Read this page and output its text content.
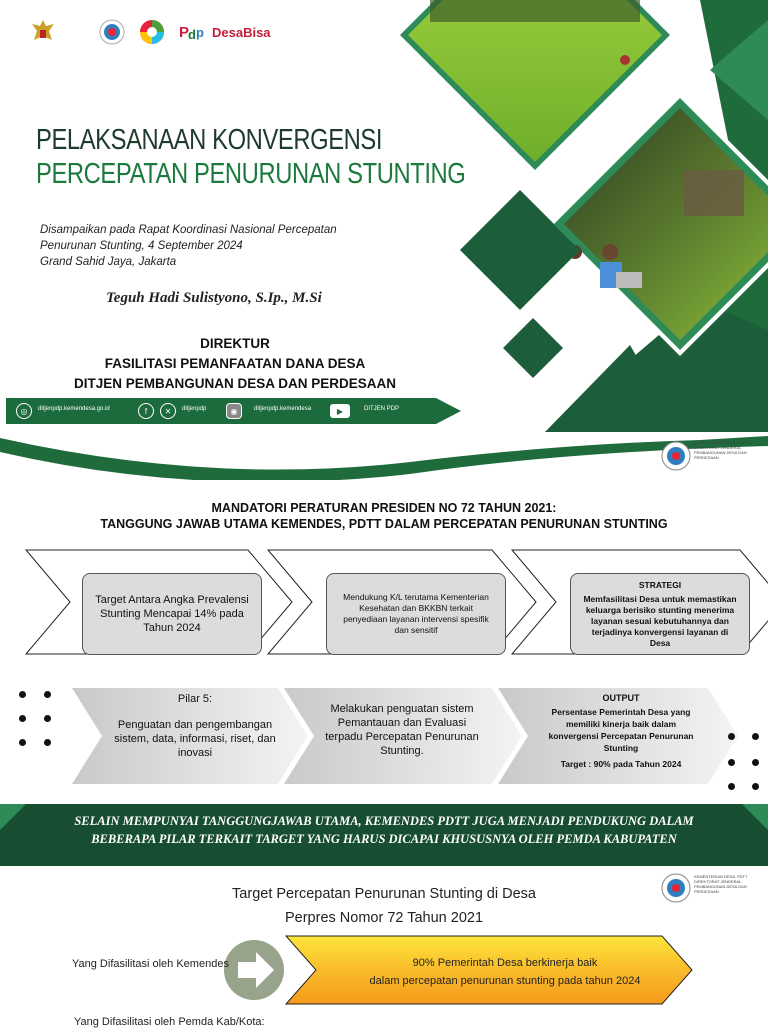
P
d p DesaBisa
PELAKSANAAN KONVERGENSI
PERCEPATAN PENURUNAN STUNTING
Disampaikan pada Rapat Koordinasi Nasional Percepatan
Penurunan Stunting, 4 September 2024
Grand Sahid Jaya, Jakarta
Teguh Hadi Sulistyono, S.Ip., M.Si
DIREKTUR
FASILITASI PEMANFAATAN DANA DESA
DITJEN PEMBANGUNAN DESA DAN PERDESAAN
◎	ditjenpdp.kemendesa.go.id	f	✕	ditjenpdp	◉	ditjenpdp.kemendesa	▶	DITJEN PDP
KEMENTERIAN DESA, PDTT DIREKTORAT JENDERAL PEMBANGUNAN DESA DAN PERDESAAN
MANDATORI PERATURAN PRESIDEN NO 72 TAHUN 2021:
TANGGUNG JAWAB UTAMA KEMENDES, PDTT DALAM PERCEPATAN PENURUNAN STUNTING
Target Antara Angka Prevalensi Stunting Mencapai 14% pada Tahun 2024
Mendukung K/L terutama Kementerian Kesehatan dan BKKBN terkait penyediaan layanan intervensi spesifik dan sensitif
STRATEGI
Memfasilitasi Desa untuk memastikan keluarga berisiko stunting menerima layanan sesuai kebutuhannya dan terjadinya konvergensi layanan di Desa
Pilar 5:
Penguatan dan pengembangan sistem, data, informasi, riset, dan inovasi
Melakukan penguatan sistem Pemantauan dan Evaluasi terpadu Percepatan Penurunan Stunting.
OUTPUT
Persentase Pemerintah Desa yang memiliki kinerja baik dalam konvergensi Percepatan Penurunan Stunting
Target : 90% pada Tahun 2024
SELAIN MEMPUNYAI TANGGUNGJAWAB UTAMA, KEMENDES PDTT JUGA MENJADI PENDUKUNG DALAM
BEBERAPA PILAR TERKAIT TARGET YANG HARUS DICAPAI KHUSUSNYA OLEH PEMDA KABUPATEN
KEMENTERIAN DESA, PDTT DIREKTORAT JENDERAL PEMBANGUNAN DESA DAN PERDESAAN
Target Percepatan Penurunan Stunting di Desa
Perpres Nomor 72 Tahun 2021
Yang Difasilitasi oleh Kemendes	90% Pemerintah Desa berkinerja baik
dalam percepatan penurunan stunting pada tahun 2024
Yang Difasilitasi oleh Pemda Kab/Kota:
